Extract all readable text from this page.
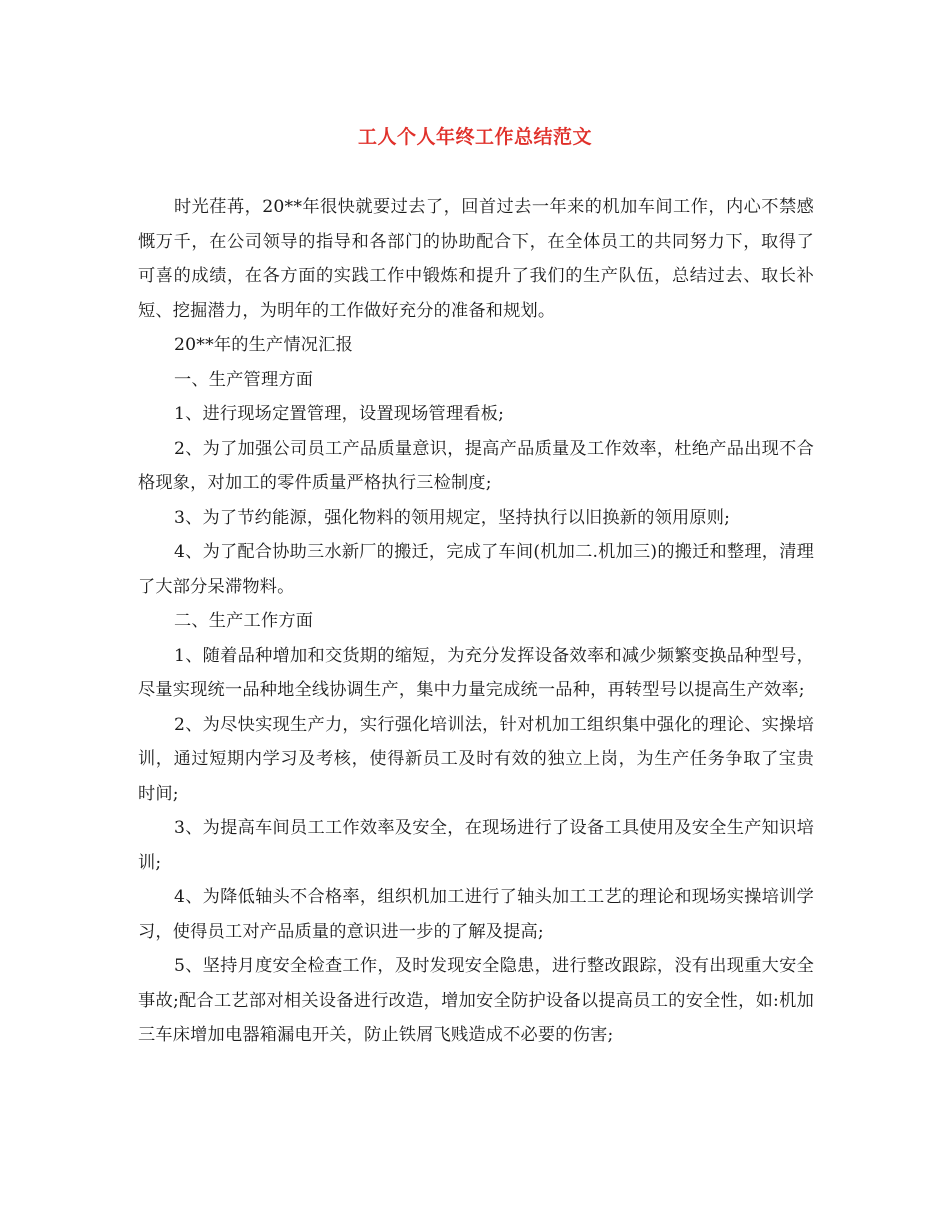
工人个人年终工作总结范文

时光荏苒，20**年很快就要过去了，回首过去一年来的机加车间工作，内心不禁感慨万千，在公司领导的指导和各部门的协助配合下，在全体员工的共同努力下，取得了可喜的成绩，在各方面的实践工作中锻炼和提升了我们的生产队伍，总结过去、取长补短、挖掘潜力，为明年的工作做好充分的准备和规划。

20**年的生产情况汇报

一、生产管理方面

1、进行现场定置管理，设置现场管理看板;

2、为了加强公司员工产品质量意识，提高产品质量及工作效率，杜绝产品出现不合格现象，对加工的零件质量严格执行三检制度;

3、为了节约能源，强化物料的领用规定，坚持执行以旧换新的领用原则;

4、为了配合协助三水新厂的搬迁，完成了车间(机加二.机加三)的搬迁和整理，清理了大部分呆滞物料。

二、生产工作方面

1、随着品种增加和交货期的缩短，为充分发挥设备效率和减少频繁变换品种型号，尽量实现统一品种地全线协调生产，集中力量完成统一品种，再转型号以提高生产效率;

2、为尽快实现生产力，实行强化培训法，针对机加工组织集中强化的理论、实操培训，通过短期内学习及考核，使得新员工及时有效的独立上岗，为生产任务争取了宝贵时间;

3、为提高车间员工工作效率及安全，在现场进行了设备工具使用及安全生产知识培训;

4、为降低轴头不合格率，组织机加工进行了轴头加工工艺的理论和现场实操培训学习，使得员工对产品质量的意识进一步的了解及提高;

5、坚持月度安全检查工作，及时发现安全隐患，进行整改跟踪，没有出现重大安全事故;配合工艺部对相关设备进行改造，增加安全防护设备以提高员工的安全性，如:机加三车床增加电器箱漏电开关，防止铁屑飞贱造成不必要的伤害;
